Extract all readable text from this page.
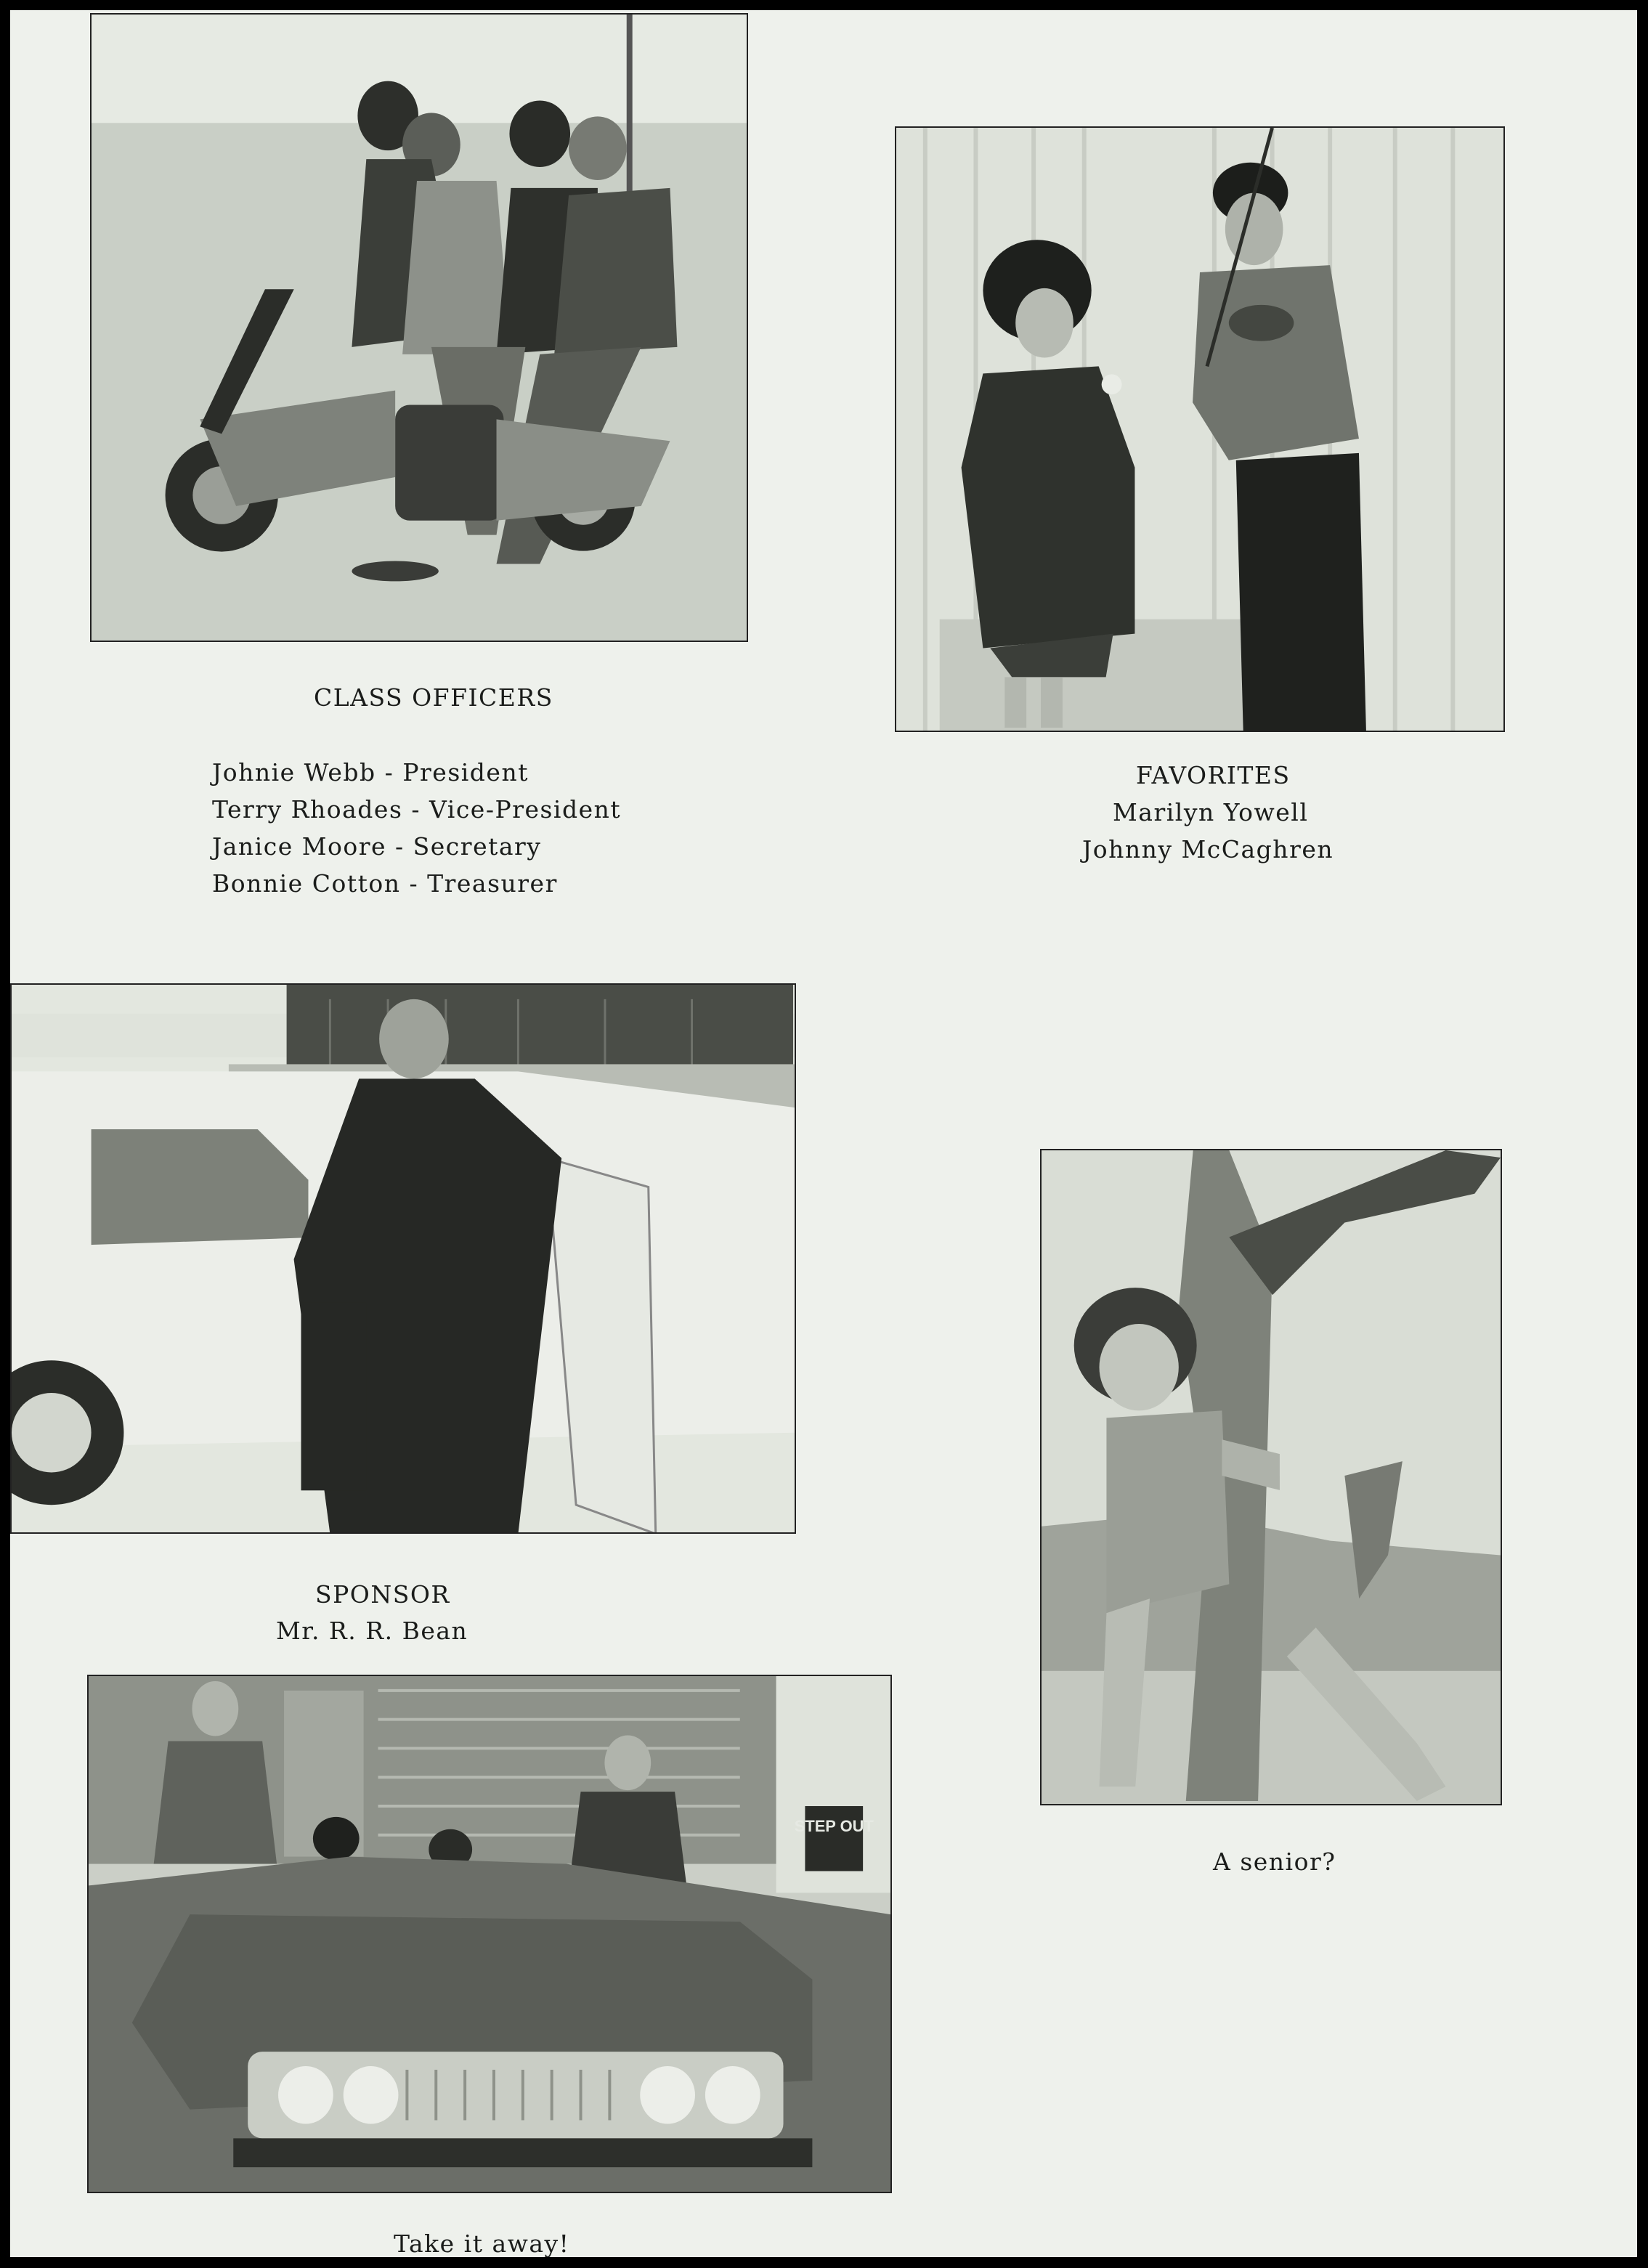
CLASS OFFICERS
Johnie Webb - President
Terry Rhoades - Vice-President
Janice Moore - Secretary
Bonnie Cotton - Treasurer
FAVORITES
Marilyn Yowell
Johnny McCaghren
SPONSOR
Mr. R. R. Bean
A senior?
STEP OUT
Take it away!
